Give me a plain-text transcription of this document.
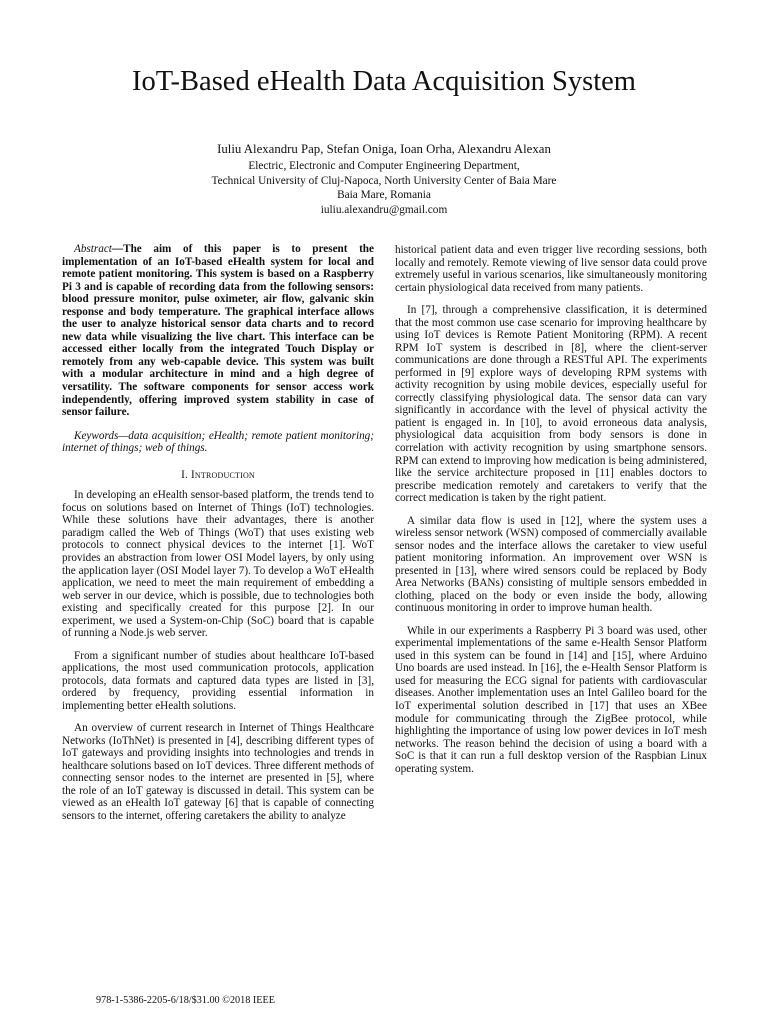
IoT-Based eHealth Data Acquisition System
Iuliu Alexandru Pap, Stefan Oniga, Ioan Orha, Alexandru Alexan
Electric, Electronic and Computer Engineering Department,
Technical University of Cluj-Napoca, North University Center of Baia Mare
Baia Mare, Romania
iuliu.alexandru@gmail.com

Abstract—The aim of this paper is to present the implementation of an IoT-based eHealth system for local and remote patient monitoring. This system is based on a Raspberry Pi 3 and is capable of recording data from the following sensors: blood pressure monitor, pulse oximeter, air flow, galvanic skin response and body temperature. The graphical interface allows the user to analyze historical sensor data charts and to record new data while visualizing the live chart. This interface can be accessed either locally from the integrated Touch Display or remotely from any web-capable device. This system was built with a modular architecture in mind and a high degree of versatility. The software components for sensor access work independently, offering improved system stability in case of sensor failure.

Keywords—data acquisition; eHealth; remote patient monitoring; internet of things; web of things.

I. Introduction

In developing an eHealth sensor-based platform, the trends tend to focus on solutions based on Internet of Things (IoT) technologies. While these solutions have their advantages, there is another paradigm called the Web of Things (WoT) that uses existing web protocols to connect physical devices to the internet [1]. WoT provides an abstraction from lower OSI Model layers, by only using the application layer (OSI Model layer 7). To develop a WoT eHealth application, we need to meet the main requirement of embedding a web server in our device, which is possible, due to technologies both existing and specifically created for this purpose [2]. In our experiment, we used a System-on-Chip (SoC) board that is capable of running a Node.js web server.

From a significant number of studies about healthcare IoT-based applications, the most used communication protocols, application protocols, data formats and captured data types are listed in [3], ordered by frequency, providing essential information in implementing better eHealth solutions.

An overview of current research in Internet of Things Healthcare Networks (IoThNet) is presented in [4], describing different types of IoT gateways and providing insights into technologies and trends in healthcare solutions based on IoT devices. Three different methods of connecting sensor nodes to the internet are presented in [5], where the role of an IoT gateway is discussed in detail. This system can be viewed as an eHealth IoT gateway [6] that is capable of connecting sensors to the internet, offering caretakers the ability to analyze

historical patient data and even trigger live recording sessions, both locally and remotely. Remote viewing of live sensor data could prove extremely useful in various scenarios, like simultaneously monitoring certain physiological data received from many patients.

In [7], through a comprehensive classification, it is determined that the most common use case scenario for improving healthcare by using IoT devices is Remote Patient Monitoring (RPM). A recent RPM IoT system is described in [8], where the client-server communications are done through a RESTful API. The experiments performed in [9] explore ways of developing RPM systems with activity recognition by using mobile devices, especially useful for correctly classifying physiological data. The sensor data can vary significantly in accordance with the level of physical activity the patient is engaged in. In [10], to avoid erroneous data analysis, physiological data acquisition from body sensors is done in correlation with activity recognition by using smartphone sensors. RPM can extend to improving how medication is being administered, like the service architecture proposed in [11] enables doctors to prescribe medication remotely and caretakers to verify that the correct medication is taken by the right patient.

A similar data flow is used in [12], where the system uses a wireless sensor network (WSN) composed of commercially available sensor nodes and the interface allows the caretaker to view useful patient monitoring information. An improvement over WSN is presented in [13], where wired sensors could be replaced by Body Area Networks (BANs) consisting of multiple sensors embedded in clothing, placed on the body or even inside the body, allowing continuous monitoring in order to improve human health.

While in our experiments a Raspberry Pi 3 board was used, other experimental implementations of the same e-Health Sensor Platform used in this system can be found in [14] and [15], where Arduino Uno boards are used instead. In [16], the e-Health Sensor Platform is used for measuring the ECG signal for patients with cardiovascular diseases. Another implementation uses an Intel Galileo board for the IoT experimental solution described in [17] that uses an XBee module for communicating through the ZigBee protocol, while highlighting the importance of using low power devices in IoT mesh networks. The reason behind the decision of using a board with a SoC is that it can run a full desktop version of the Raspbian Linux operating system.

978-1-5386-2205-6/18/$31.00 ©2018 IEEE
